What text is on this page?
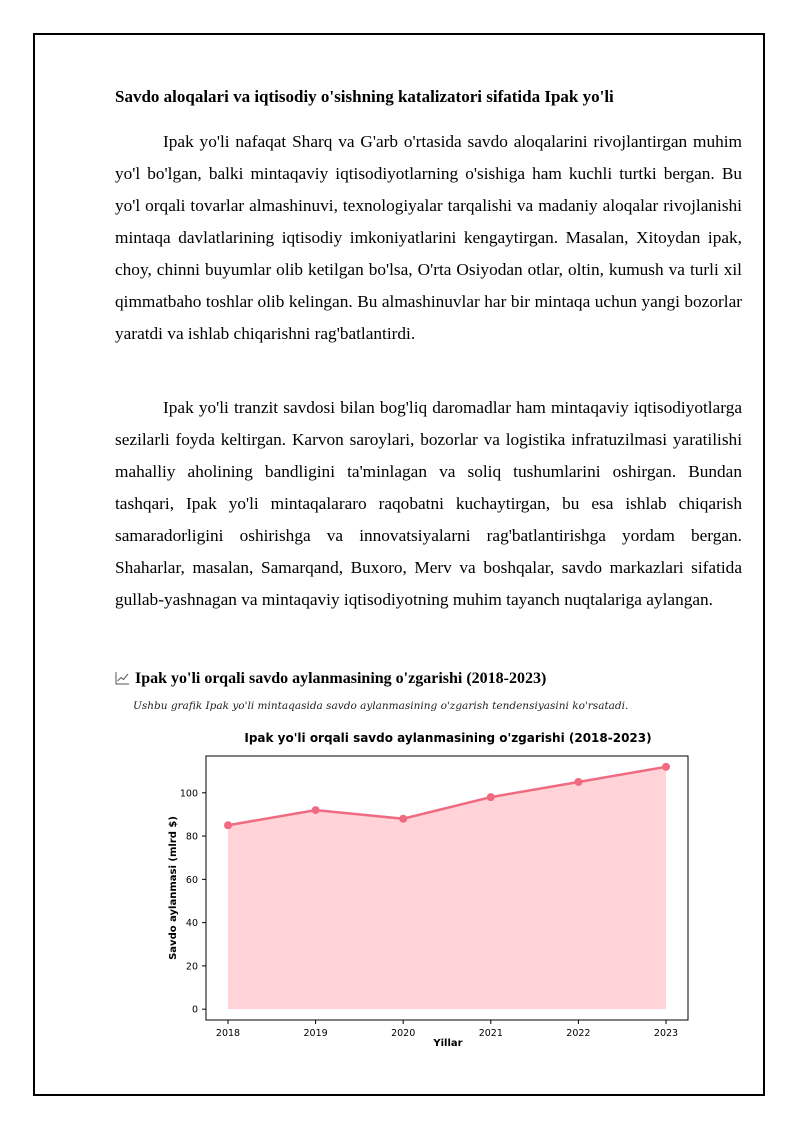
Savdo aloqalari va iqtisodiy o'sishning katalizatori sifatida Ipak yo'li

Ipak yo'li nafaqat Sharq va G'arb o'rtasida savdo aloqalarini rivojlantirgan muhim yo'l bo'lgan, balki mintaqaviy iqtisodiyotlarning o'sishiga ham kuchli turtki bergan. Bu yo'l orqali tovarlar almashinuvi, texnologiyalar tarqalishi va madaniy aloqalar rivojlanishi mintaqa davlatlarining iqtisodiy imkoniyatlarini kengaytirgan. Masalan, Xitoydan ipak, choy, chinni buyumlar olib ketilgan bo'lsa, O'rta Osiyodan otlar, oltin, kumush va turli xil qimmatbaho toshlar olib kelingan. Bu almashinuvlar har bir mintaqa uchun yangi bozorlar yaratdi va ishlab chiqarishni rag'batlantirdi.

Ipak yo'li tranzit savdosi bilan bog'liq daromadlar ham mintaqaviy iqtisodiyotlarga sezilarli foyda keltirgan. Karvon saroylari, bozorlar va logistika infratuzilmasi yaratilishi mahalliy aholining bandligini ta'minlagan va soliq tushumlarini oshirgan. Bundan tashqari, Ipak yo'li mintaqalararo raqobatni kuchaytirgan, bu esa ishlab chiqarish samaradorligini oshirishga va innovatsiyalarni rag'batlantirishga yordam bergan. Shaharlar, masalan, Samarqand, Buxoro, Merv va boshqalar, savdo markazlari sifatida gullab-yashnagan va mintaqaviy iqtisodiyotning muhim tayanch nuqtalariga aylangan.

Ipak yo'li orqali savdo aylanmasining o'zgarishi (2018-2023)
Ushbu grafik Ipak yo'li mintaqasida savdo aylanmasining o'zgarish tendensiyasini ko'rsatadi.
Ipak yo'li orqali savdo aylanmasining o'zgarishi (2018-2023)
0
20
40
60
80
100
2018	2019	2020	2021	2022	2023
Yillar
Savdo aylanmasi (mlrd $)
